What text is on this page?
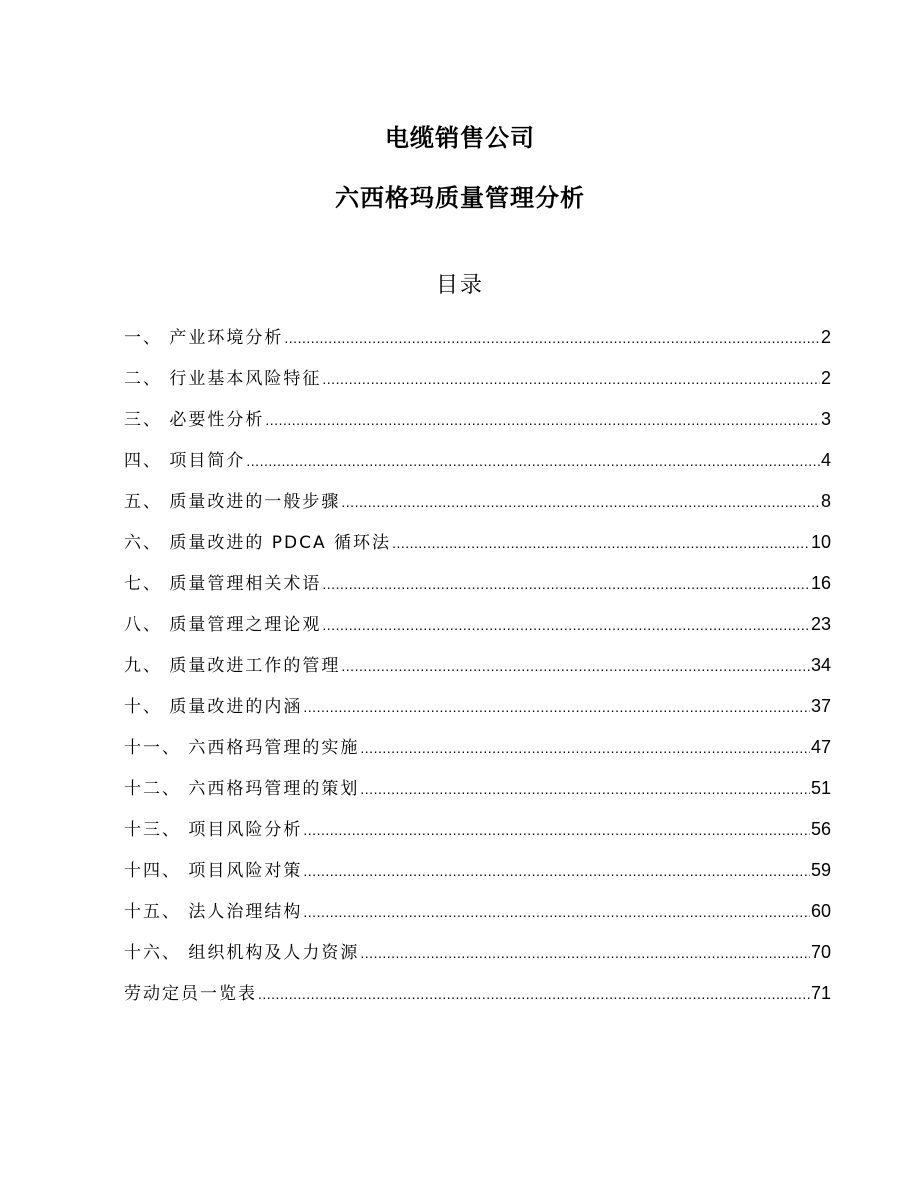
电缆销售公司
六西格玛质量管理分析
目录
一、 产业环境分析 .....	2
二、 行业基本风险特征 .....	2
三、 必要性分析 .....	3
四、 项目简介 .....	4
五、 质量改进的一般步骤 .....	8
六、 质量改进的 PDCA 循环法 .....	10
七、 质量管理相关术语 .....	16
八、 质量管理之理论观 .....	23
九、 质量改进工作的管理 .....	34
十、 质量改进的内涵 .....	37
十一、 六西格玛管理的实施 .....	47
十二、 六西格玛管理的策划 .....	51
十三、 项目风险分析 .....	56
十四、 项目风险对策 .....	59
十五、 法人治理结构 .....	60
十六、 组织机构及人力资源 .....	70
劳动定员一览表 .....	71
